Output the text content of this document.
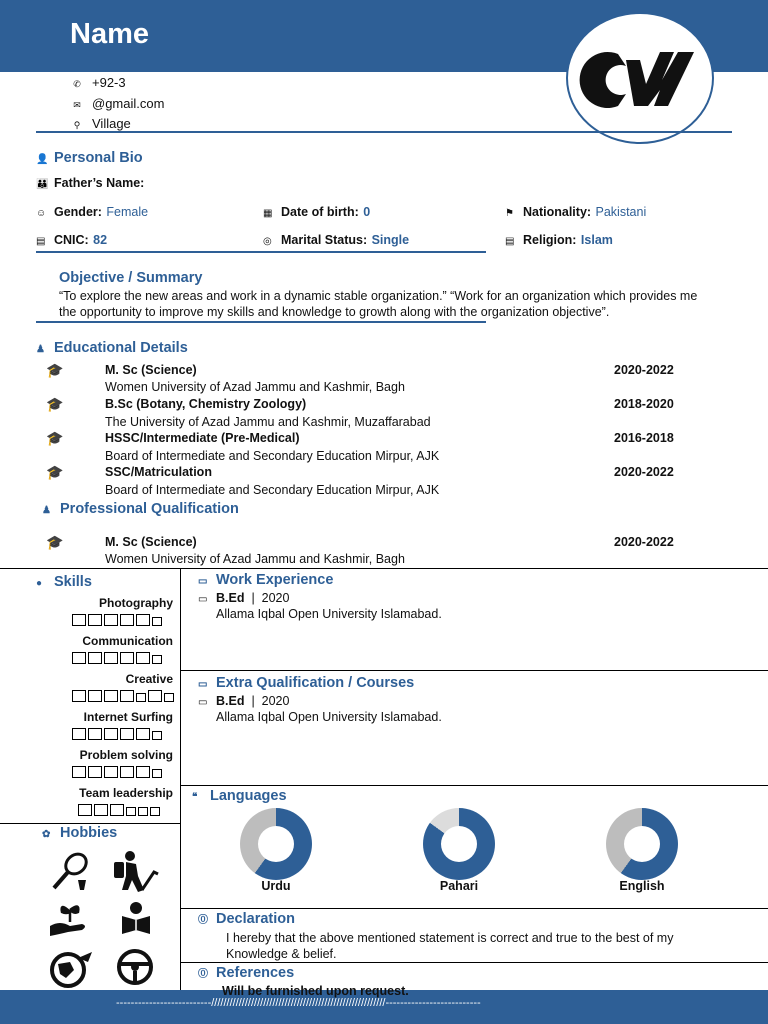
Name
✆ +92-3
✉ @gmail.com
⚲ Village
👤 Personal Bio
👪 Father’s Name:
☺ Gender: Female	▦ Date of birth: 0	⚑ Nationality: Pakistani
▤ CNIC: 82	◎ Marital Status: Single	▤ Religion: Islam
Objective / Summary
“To explore the new areas and work in a dynamic stable organization.” “Work for an organization which provides me
the opportunity to improve my skills and knowledge to growth along with the organization objective”.
♟ Educational Details
🎓	M. Sc (Science)	2020-2022
Women University of Azad Jammu and Kashmir, Bagh
🎓	B.Sc (Botany, Chemistry Zoology)	2018-2020
The University of Azad Jammu and Kashmir, Muzaffarabad
🎓	HSSC/Intermediate (Pre-Medical)	2016-2018
Board of Intermediate and Secondary Education Mirpur, AJK
🎓	SSC/Matriculation	2020-2022
Board of Intermediate and Secondary Education Mirpur, AJK
♟ Professional Qualification
🎓	M. Sc (Science)	2020-2022
Women University of Azad Jammu and Kashmir, Bagh
● Skills
Photography
Communication
Creative
Internet Surfing
Problem solving
Team leadership
✿ Hobbies
▭ Work Experience
▭ B.Ed | 2020
Allama Iqbal Open University Islamabad.
▭ Extra Qualification / Courses
▭ B.Ed | 2020
Allama Iqbal Open University Islamabad.
❝ Languages
Urdu	Pahari	English
⓪ Declaration
I hereby that the above mentioned statement is correct and true to the best of my
Knowledge & belief.
⓪ References
Will be furnished upon request.
--------------------------/////////////////////////////////////////////////////////--------------------------
